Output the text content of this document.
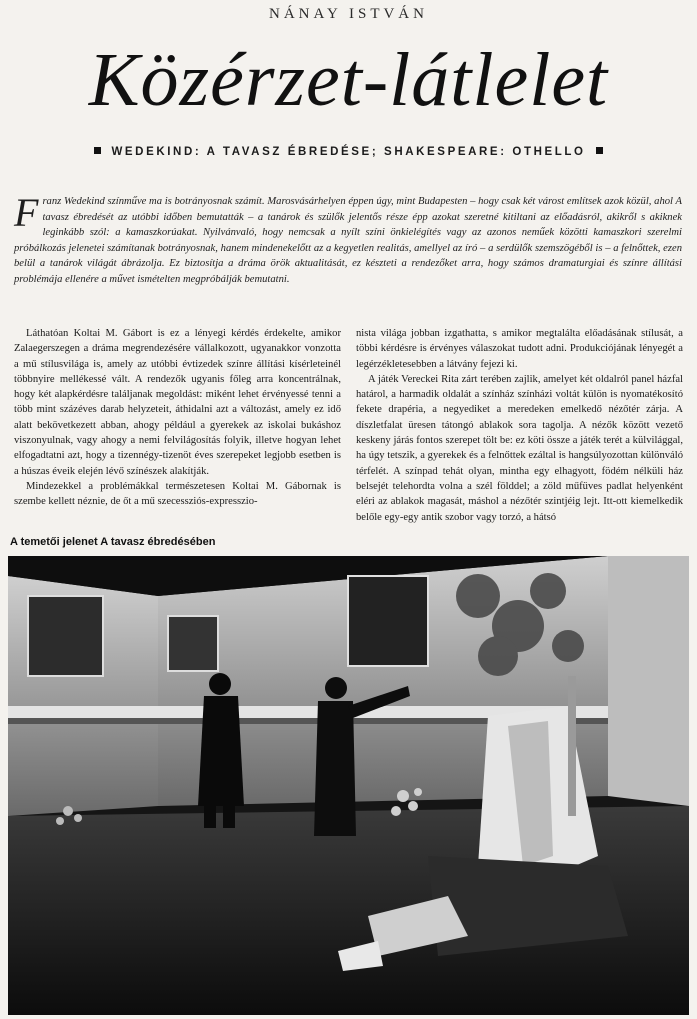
NÁNAY ISTVÁN
Közérzet-látlelet
WEDEKIND: A TAVASZ ÉBREDÉSE; SHAKESPEARE: OTHELLO
Franz Wedekind színműve ma is botrányosnak számít. Marosvásárhelyen éppen úgy, mint Budapesten – hogy csak két várost említsek azok közül, ahol A tavasz ébredését az utóbbi időben bemutatták – a tanárok és szülők jelentős része épp azokat szeretné kitiltani az előadásról, akikről s akiknek leginkább szól: a kamaszkorúakat. Nyilvánvaló, hogy nemcsak a nyílt színi önkielégítés vagy az azonos neműek közötti kamaszkori szerelmi próbálkozás jelenetei számítanak botrányosnak, hanem mindenekelőtt az a kegyetlen realitás, amellyel az író – a serdülők szemszögéből is – a felnőttek, ezen belül a tanárok világát ábrázolja. Ez biztosítja a dráma örök aktualitását, ez készteti a rendezőket arra, hogy számos dramaturgiai és színre állítási problémája ellenére a művet ismételten megpróbálják bemutatni.

Láthatóan Koltai M. Gábort is ez a lényegi kérdés érdekelte, amikor Zalaegerszegen a dráma megrendezésére vállalkozott, ugyanakkor vonzotta a mű stílusvilága is, amely az utóbbi évtizedek színre állítási kísérleteinél többnyire mellékessé vált. A rendezők ugyanis főleg arra koncentrálnak, hogy két alapkérdésre találjanak megoldást: miként lehet érvényessé tenni a több mint százéves darab helyzeteit, áthidalni azt a változást, amely ez idő alatt bekövetkezett abban, ahogy például a gyerekek az iskolai bukáshoz viszonyulnak, vagy ahogy a nemi felvilágosítás folyik, illetve hogyan lehet elfogadtatni azt, hogy a tizennégy-tizenöt éves szerepeket legjobb esetben is a húszas éveik elején lévő színészek alakítják.

Mindezekkel a problémákkal természetesen Koltai M. Gábornak is szembe kellett néznie, de őt a mű szecessziós-expresszio-

nista világa jobban izgathatta, s amikor megtalálta előadásának stílusát, a többi kérdésre is érvényes válaszokat tudott adni. Produkciójának lényegét a legérzékletesebben a látvány fejezi ki.

A játék Vereckei Rita zárt terében zajlik, amelyet két oldalról panel házfal határol, a harmadik oldalát a színház színházi voltát külön is nyomatékosító fekete drapéria, a negyediket a meredeken emelkedő nézőtér zárja. A díszletfalat üresen tátongó ablakok sora tagolja. A nézők között vezető keskeny járás fontos szerepet tölt be: ez köti össze a játék terét a külvilággal, ha úgy tetszik, a gyerekek és a felnőttek ezáltal is hangsúlyozottan különváló térfelét. A színpad tehát olyan, mintha egy elhagyott, födém nélküli ház belsejét telehordta volna a szél földdel; a zöld műfüves padlat helyenként eléri az ablakok magasát, máshol a nézőtér szintjéig lejt. Itt-ott kiemelkedik belőle egy-egy antik szobor vagy torzó, a hátsó

A temetői jelenet A tavasz ébredésében
